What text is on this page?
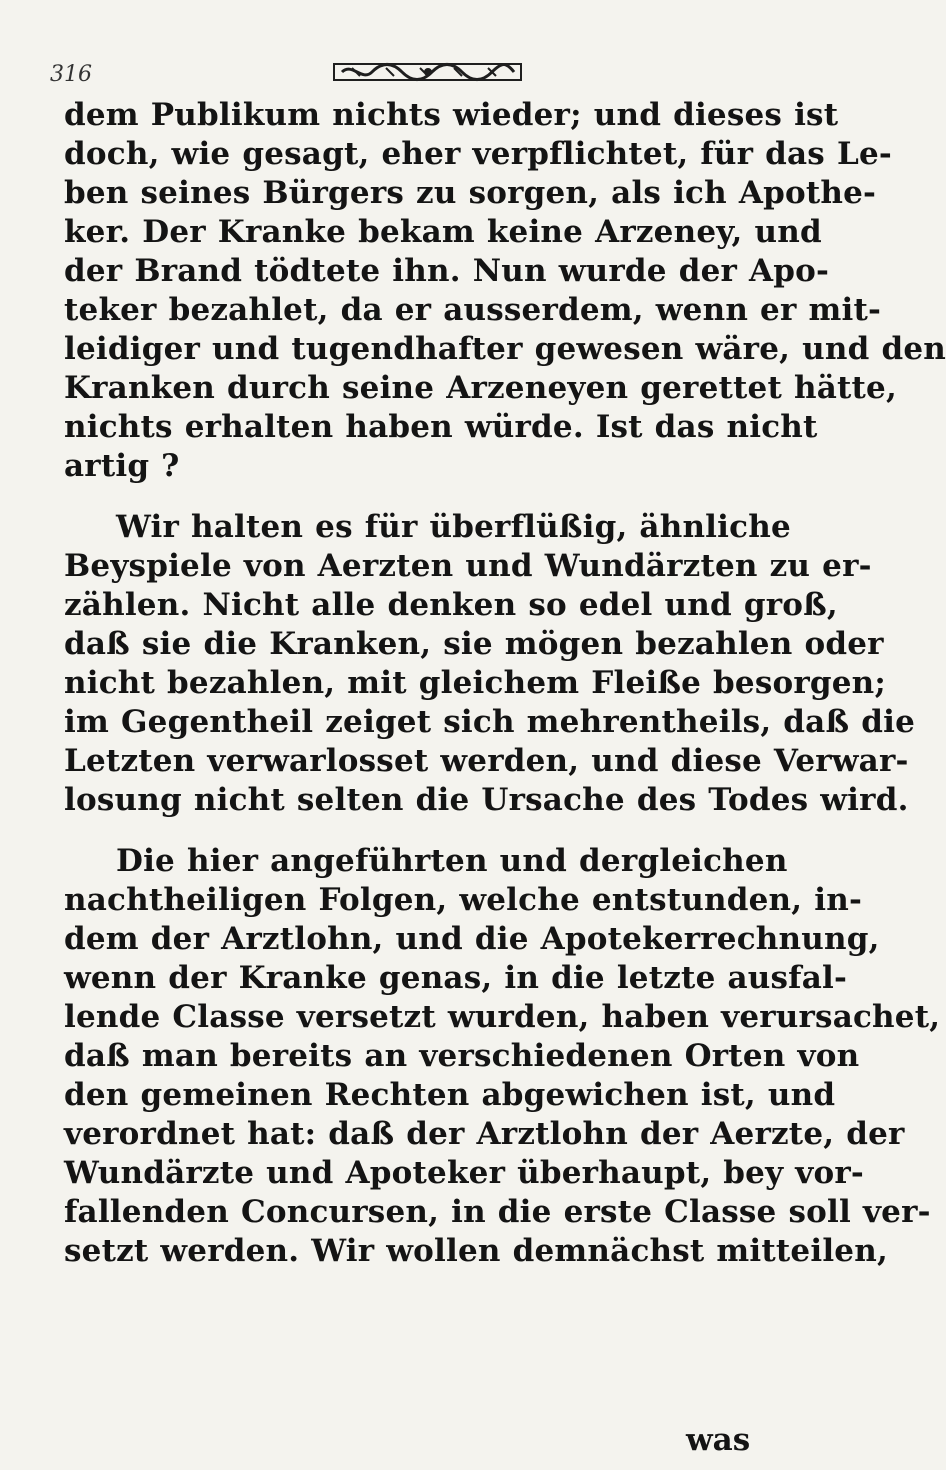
316
dem Publikum nichts wieder; und dieses ist
doch, wie gesagt, eher verpflichtet, für das Le-
ben seines Bürgers zu sorgen, als ich Apothe-
ker. Der Kranke bekam keine Arzeney, und
der Brand tödtete ihn. Nun wurde der Apo-
teker bezahlet, da er ausserdem, wenn er mit-
leidiger und tugendhafter gewesen wäre, und den
Kranken durch seine Arzeneyen gerettet hätte,
nichts erhalten haben würde. Ist das nicht
artig ?
Wir halten es für überflüßig, ähnliche
Beyspiele von Aerzten und Wundärzten zu er-
zählen. Nicht alle denken so edel und groß,
daß sie die Kranken, sie mögen bezahlen oder
nicht bezahlen, mit gleichem Fleiße besorgen;
im Gegentheil zeiget sich mehrentheils, daß die
Letzten verwarlosset werden, und diese Verwar-
losung nicht selten die Ursache des Todes wird.
Die hier angeführten und dergleichen
nachtheiligen Folgen, welche entstunden, in-
dem der Arztlohn, und die Apotekerrechnung,
wenn der Kranke genas, in die letzte ausfal-
lende Classe versetzt wurden, haben verursachet,
daß man bereits an verschiedenen Orten von
den gemeinen Rechten abgewichen ist, und
verordnet hat: daß der Arztlohn der Aerzte, der
Wundärzte und Apoteker überhaupt, bey vor-
fallenden Concursen, in die erste Classe soll ver-
setzt werden. Wir wollen demnächst mitteilen,
was
